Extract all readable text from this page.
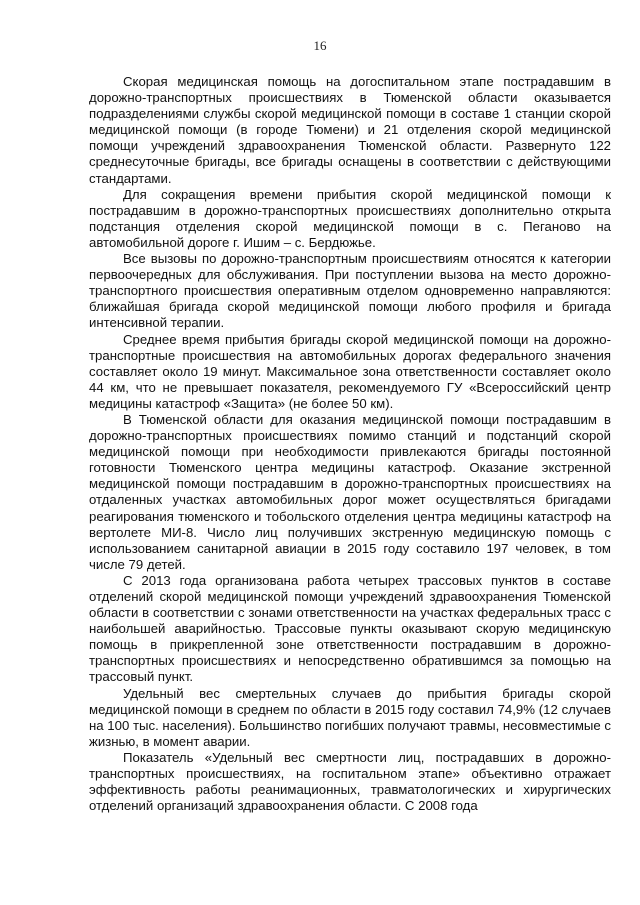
16

Скорая медицинская помощь на догоспитальном этапе пострадавшим в дорожно-транспортных происшествиях в Тюменской области оказывается подразделениями службы скорой медицинской помощи в составе 1 станции скорой медицинской помощи (в городе Тюмени) и 21 отделения скорой медицинской помощи учреждений здравоохранения Тюменской области. Развернуто 122 среднесуточные бригады, все бригады оснащены в соответствии с действующими стандартами.

Для сокращения времени прибытия скорой медицинской помощи к пострадавшим в дорожно-транспортных происшествиях дополнительно открыта подстанция отделения скорой медицинской помощи в с. Пеганово на автомобильной дороге г. Ишим – с. Бердюжье.

Все вызовы по дорожно-транспортным происшествиям относятся к категории первоочередных для обслуживания. При поступлении вызова на место дорожно-транспортного происшествия оперативным отделом одновременно направляются: ближайшая бригада скорой медицинской помощи любого профиля и бригада интенсивной терапии.

Среднее время прибытия бригады скорой медицинской помощи на дорожно-транспортные происшествия на автомобильных дорогах федерального значения составляет около 19 минут. Максимальное зона ответственности составляет около 44 км, что не превышает показателя, рекомендуемого ГУ «Всероссийский центр медицины катастроф «Защита» (не более 50 км).

В Тюменской области для оказания медицинской помощи пострадавшим в дорожно-транспортных происшествиях помимо станций и подстанций скорой медицинской помощи при необходимости привлекаются бригады постоянной готовности Тюменского центра медицины катастроф. Оказание экстренной медицинской помощи пострадавшим в дорожно-транспортных происшествиях на отдаленных участках автомобильных дорог может осуществляться бригадами реагирования тюменского и тобольского отделения центра медицины катастроф на вертолете МИ-8. Число лиц получивших экстренную медицинскую помощь с использованием санитарной авиации в 2015 году составило 197 человек, в том числе 79 детей.

С 2013 года организована работа четырех трассовых пунктов в составе отделений скорой медицинской помощи учреждений здравоохранения Тюменской области в соответствии с зонами ответственности на участках федеральных трасс с наибольшей аварийностью. Трассовые пункты оказывают скорую медицинскую помощь в прикрепленной зоне ответственности пострадавшим в дорожно-транспортных происшествиях и непосредственно обратившимся за помощью на трассовый пункт.

Удельный вес смертельных случаев до прибытия бригады скорой медицинской помощи в среднем по области в 2015 году составил 74,9% (12 случаев на 100 тыс. населения). Большинство погибших получают травмы, несовместимые с жизнью, в момент аварии.

Показатель «Удельный вес смертности лиц, пострадавших в дорожно-транспортных происшествиях, на госпитальном этапе» объективно отражает эффективность работы реанимационных, травматологических и хирургических отделений организаций здравоохранения области. С 2008 года
